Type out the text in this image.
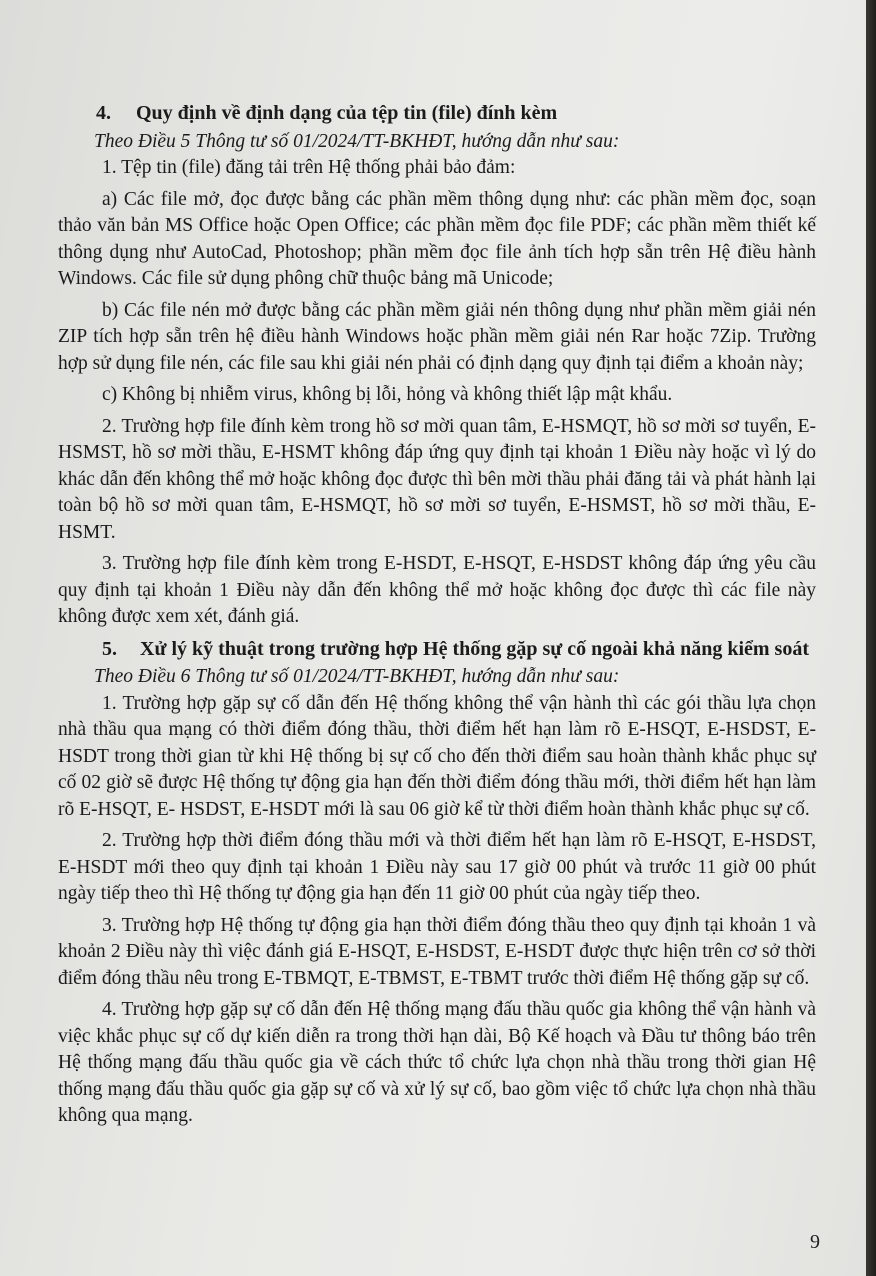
4. Quy định về định dạng của tệp tin (file) đính kèm
Theo Điều 5 Thông tư số 01/2024/TT-BKHĐT, hướng dẫn như sau:

1. Tệp tin (file) đăng tải trên Hệ thống phải bảo đảm:

a) Các file mở, đọc được bằng các phần mềm thông dụng như: các phần mềm đọc, soạn thảo văn bản MS Office hoặc Open Office; các phần mềm đọc file PDF; các phần mềm thiết kế thông dụng như AutoCad, Photoshop; phần mềm đọc file ảnh tích hợp sẵn trên Hệ điều hành Windows. Các file sử dụng phông chữ thuộc bảng mã Unicode;

b) Các file nén mở được bằng các phần mềm giải nén thông dụng như phần mềm giải nén ZIP tích hợp sẵn trên hệ điều hành Windows hoặc phần mềm giải nén Rar hoặc 7Zip. Trường hợp sử dụng file nén, các file sau khi giải nén phải có định dạng quy định tại điểm a khoản này;

c) Không bị nhiễm virus, không bị lỗi, hỏng và không thiết lập mật khẩu.

2. Trường hợp file đính kèm trong hồ sơ mời quan tâm, E-HSMQT, hồ sơ mời sơ tuyển, E-HSMST, hồ sơ mời thầu, E-HSMT không đáp ứng quy định tại khoản 1 Điều này hoặc vì lý do khác dẫn đến không thể mở hoặc không đọc được thì bên mời thầu phải đăng tải và phát hành lại toàn bộ hồ sơ mời quan tâm, E-HSMQT, hồ sơ mời sơ tuyển, E-HSMST, hồ sơ mời thầu, E-HSMT.

3. Trường hợp file đính kèm trong E-HSDT, E-HSQT, E-HSDST không đáp ứng yêu cầu quy định tại khoản 1 Điều này dẫn đến không thể mở hoặc không đọc được thì các file này không được xem xét, đánh giá.

5. Xử lý kỹ thuật trong trường hợp Hệ thống gặp sự cố ngoài khả năng kiểm soát
Theo Điều 6 Thông tư số 01/2024/TT-BKHĐT, hướng dẫn như sau:

1. Trường hợp gặp sự cố dẫn đến Hệ thống không thể vận hành thì các gói thầu lựa chọn nhà thầu qua mạng có thời điểm đóng thầu, thời điểm hết hạn làm rõ E-HSQT, E-HSDST, E-HSDT trong thời gian từ khi Hệ thống bị sự cố cho đến thời điểm sau hoàn thành khắc phục sự cố 02 giờ sẽ được Hệ thống tự động gia hạn đến thời điểm đóng thầu mới, thời điểm hết hạn làm rõ E-HSQT, E- HSDST, E-HSDT mới là sau 06 giờ kể từ thời điểm hoàn thành khắc phục sự cố.

2. Trường hợp thời điểm đóng thầu mới và thời điểm hết hạn làm rõ E-HSQT, E-HSDST, E-HSDT mới theo quy định tại khoản 1 Điều này sau 17 giờ 00 phút và trước 11 giờ 00 phút ngày tiếp theo thì Hệ thống tự động gia hạn đến 11 giờ 00 phút của ngày tiếp theo.

3. Trường hợp Hệ thống tự động gia hạn thời điểm đóng thầu theo quy định tại khoản 1 và khoản 2 Điều này thì việc đánh giá E-HSQT, E-HSDST, E-HSDT được thực hiện trên cơ sở thời điểm đóng thầu nêu trong E-TBMQT, E-TBMST, E-TBMT trước thời điểm Hệ thống gặp sự cố.

4. Trường hợp gặp sự cố dẫn đến Hệ thống mạng đấu thầu quốc gia không thể vận hành và việc khắc phục sự cố dự kiến diễn ra trong thời hạn dài, Bộ Kế hoạch và Đầu tư thông báo trên Hệ thống mạng đấu thầu quốc gia về cách thức tổ chức lựa chọn nhà thầu trong thời gian Hệ thống mạng đấu thầu quốc gia gặp sự cố và xử lý sự cố, bao gồm việc tổ chức lựa chọn nhà thầu không qua mạng.

9
